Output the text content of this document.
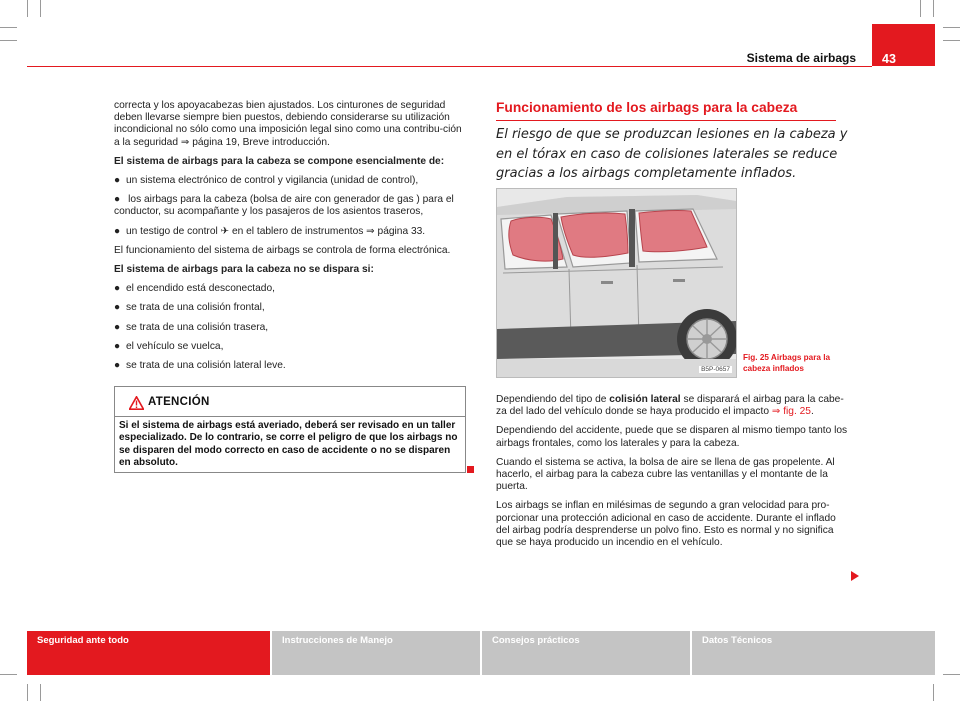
Sistema de airbags	43

correcta y los apoyacabezas bien ajustados. Los cinturones de seguridad deben llevarse siempre bien puestos, debiendo considerarse su utilización incondicional no sólo como una imposición legal sino como una contribu-ción a la seguridad ⇒ página 19, Breve introducción.

El sistema de airbags para la cabeza se compone esencialmente de:

● un sistema electrónico de control y vigilancia (unidad de control),
● los airbags para la cabeza (bolsa de aire con generador de gas ) para el conductor, su acompañante y los pasajeros de los asientos traseros,
● un testigo de control ✈ en el tablero de instrumentos ⇒ página 33.

El funcionamiento del sistema de airbags se controla de forma electrónica.

El sistema de airbags para la cabeza no se dispara si:

● el encendido está desconectado,
● se trata de una colisión frontal,
● se trata de una colisión trasera,
● el vehículo se vuelca,
● se trata de una colisión lateral leve.
ATENCIÓN
Si el sistema de airbags está averiado, deberá ser revisado en un taller especializado. De lo contrario, se corre el peligro de que los airbags no se disparen del modo correcto en caso de accidente o no se disparen en absoluto.
Funcionamiento de los airbags para la cabeza
El riesgo de que se produzcan lesiones en la cabeza y en el tórax en caso de colisiones laterales se reduce gracias a los airbags completamente inflados.
B5P-0657
Fig. 25 Airbags para la cabeza inflados

Dependiendo del tipo de colisión lateral se disparará el airbag para la cabe-za del lado del vehículo donde se haya producido el impacto ⇒ fig. 25.

Dependiendo del accidente, puede que se disparen al mismo tiempo tanto los airbags frontales, como los laterales y para la cabeza.

Cuando el sistema se activa, la bolsa de aire se llena de gas propelente. Al hacerlo, el airbag para la cabeza cubre las ventanillas y el montante de la puerta.

Los airbags se inflan en milésimas de segundo a gran velocidad para pro-porcionar una protección adicional en caso de accidente. Durante el inflado del airbag podría desprenderse un polvo fino. Esto es normal y no significa que se haya producido un incendio en el vehículo.

Seguridad ante todo	Instrucciones de Manejo	Consejos prácticos	Datos Técnicos
